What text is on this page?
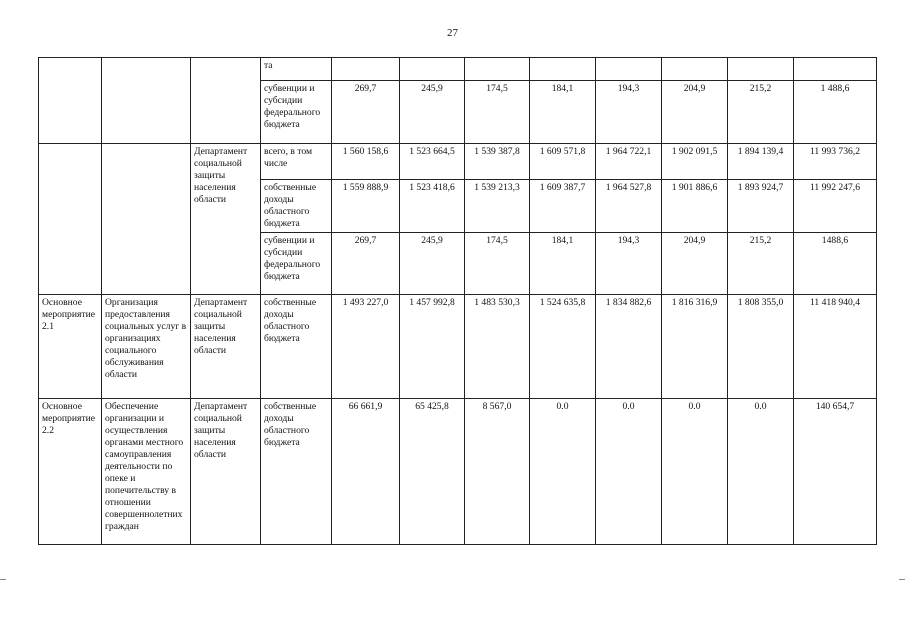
27
			та								
			субвенции и субсидии федерального бюджета	269,7	245,9	174,5	184,1	194,3	204,9	215,2	1 488,6
		Департамент социальной защиты населения области	всего, в том числе	1 560 158,6	1 523 664,5	1 539 387,8	1 609 571,8	1 964 722,1	1 902 091,5	1 894 139,4	11 993 736,2
			собственные доходы областного бюджета	1 559 888,9	1 523 418,6	1 539 213,3	1 609 387,7	1 964 527,8	1 901 886,6	1 893 924,7	11 992 247,6
			субвенции и субсидии федерального бюджета	269,7	245,9	174,5	184,1	194,3	204,9	215,2	1488,6
Основное мероприятие 2.1	Организация предоставления социальных услуг в организациях социального обслуживания области	Департамент социальной защиты населения области	собственные доходы областного бюджета	1 493 227,0	1 457 992,8	1 483 530,3	1 524 635,8	1 834 882,6	1 816 316,9	1 808 355,0	11 418 940,4
Основное мероприятие 2.2	Обеспечение организации и осуществления органами местного самоуправления деятельности по опеке и попечительству в отношении совершеннолетних граждан	Департамент социальной защиты населения области	собственные доходы областного бюджета	66 661,9	65 425,8	8 567,0	0.0	0.0	0.0	0.0	140 654,7
